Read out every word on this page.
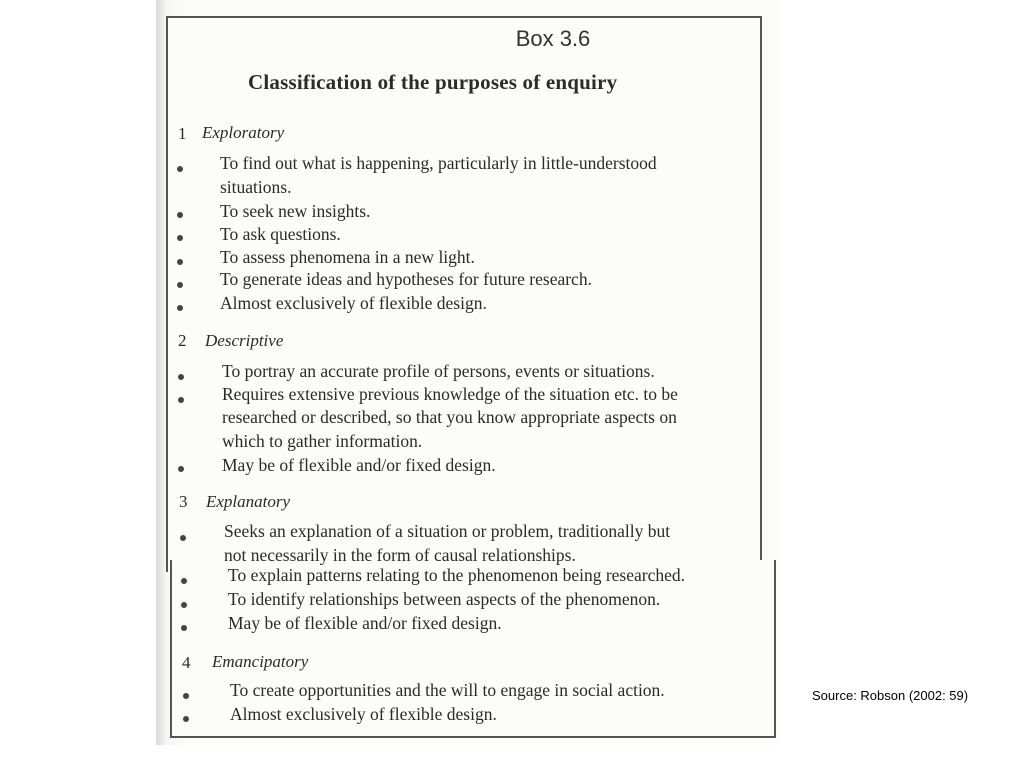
Box 3.6
Classification of the purposes of enquiry
1 Exploratory
To find out what is happening, particularly in little-understood
situations.
To seek new insights.
To ask questions.
To assess phenomena in a new light.
To generate ideas and hypotheses for future research.
Almost exclusively of flexible design.
2 Descriptive
To portray an accurate profile of persons, events or situations.
Requires extensive previous knowledge of the situation etc. to be
researched or described, so that you know appropriate aspects on
which to gather information.
May be of flexible and/or fixed design.
3 Explanatory
Seeks an explanation of a situation or problem, traditionally but
not necessarily in the form of causal relationships.
To explain patterns relating to the phenomenon being researched.
To identify relationships between aspects of the phenomenon.
May be of flexible and/or fixed design.
4 Emancipatory
To create opportunities and the will to engage in social action.
Almost exclusively of flexible design.
Source: Robson (2002: 59)
